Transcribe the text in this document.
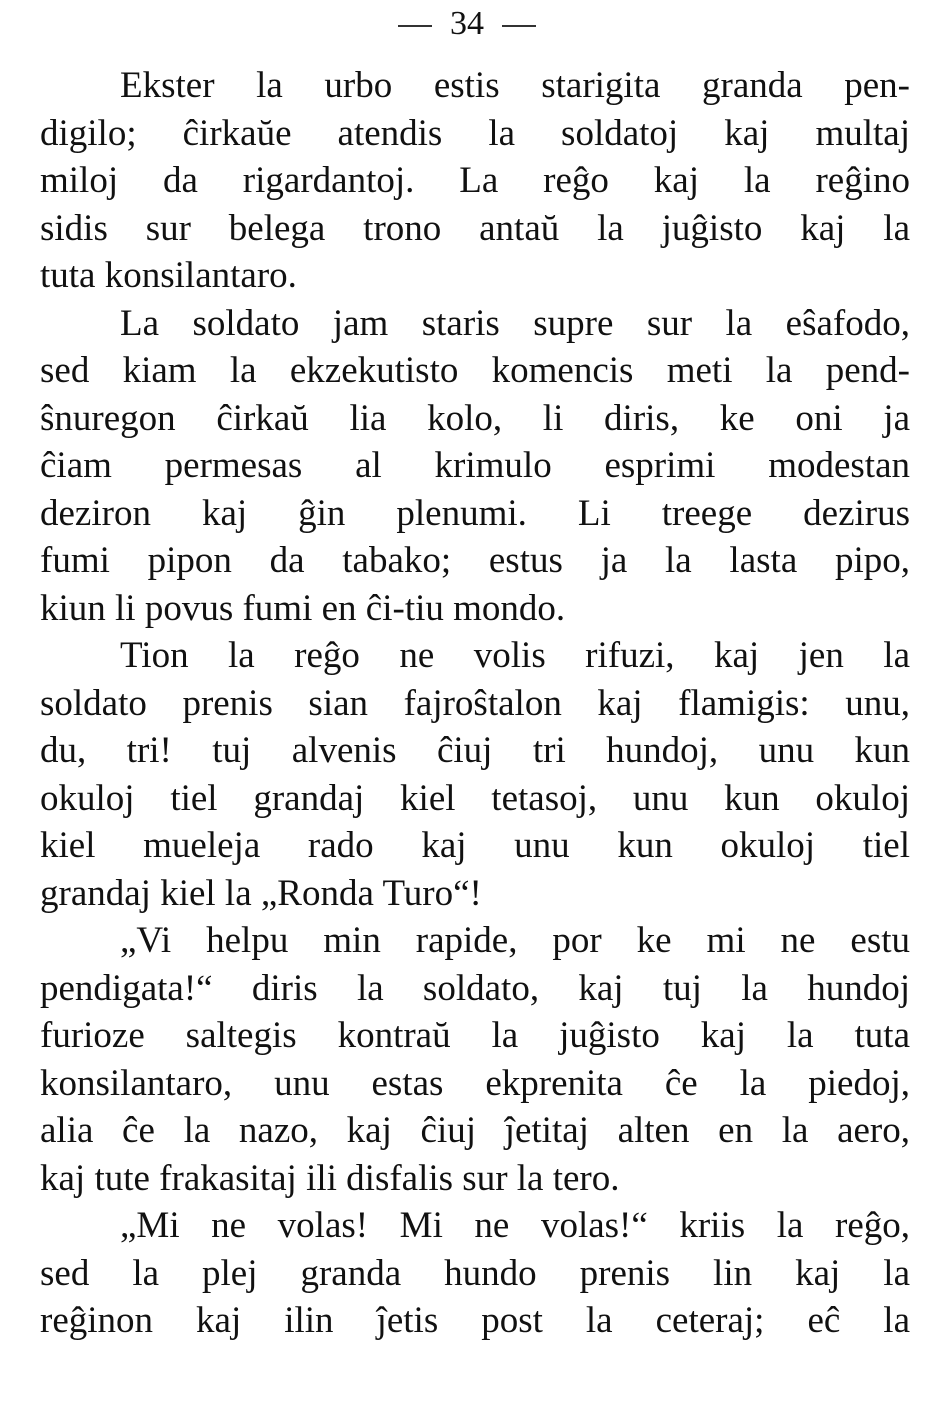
34
Ekster la urbo estis starigita granda pen-
digilo; ĉirkaŭe atendis la soldatoj kaj multaj
miloj da rigardantoj. La reĝo kaj la reĝino
sidis sur belega trono antaŭ la juĝisto kaj la
tuta konsilantaro.
La soldato jam staris supre sur la eŝafodo,
sed kiam la ekzekutisto komencis meti la pend-
ŝnuregon ĉirkaŭ lia kolo, li diris, ke oni ja
ĉiam permesas al krimulo esprimi modestan
deziron kaj ĝin plenumi. Li treege dezirus
fumi pipon da tabako; estus ja la lasta pipo,
kiun li povus fumi en ĉi-tiu mondo.
Tion la reĝo ne volis rifuzi, kaj jen la
soldato prenis sian fajroŝtalon kaj flamigis: unu,
du, tri! tuj alvenis ĉiuj tri hundoj, unu kun
okuloj tiel grandaj kiel tetasoj, unu kun okuloj
kiel mueleja rado kaj unu kun okuloj tiel
grandaj kiel la „Ronda Turo“!
„Vi helpu min rapide, por ke mi ne estu
pendigata!“ diris la soldato, kaj tuj la hundoj
furioze saltegis kontraŭ la juĝisto kaj la tuta
konsilantaro, unu estas ekprenita ĉe la piedoj,
alia ĉe la nazo, kaj ĉiuj ĵetitaj alten en la aero,
kaj tute frakasitaj ili disfalis sur la tero.
„Mi ne volas! Mi ne volas!“ kriis la reĝo,
sed la plej granda hundo prenis lin kaj la
reĝinon kaj ilin ĵetis post la ceteraj; eĉ la
